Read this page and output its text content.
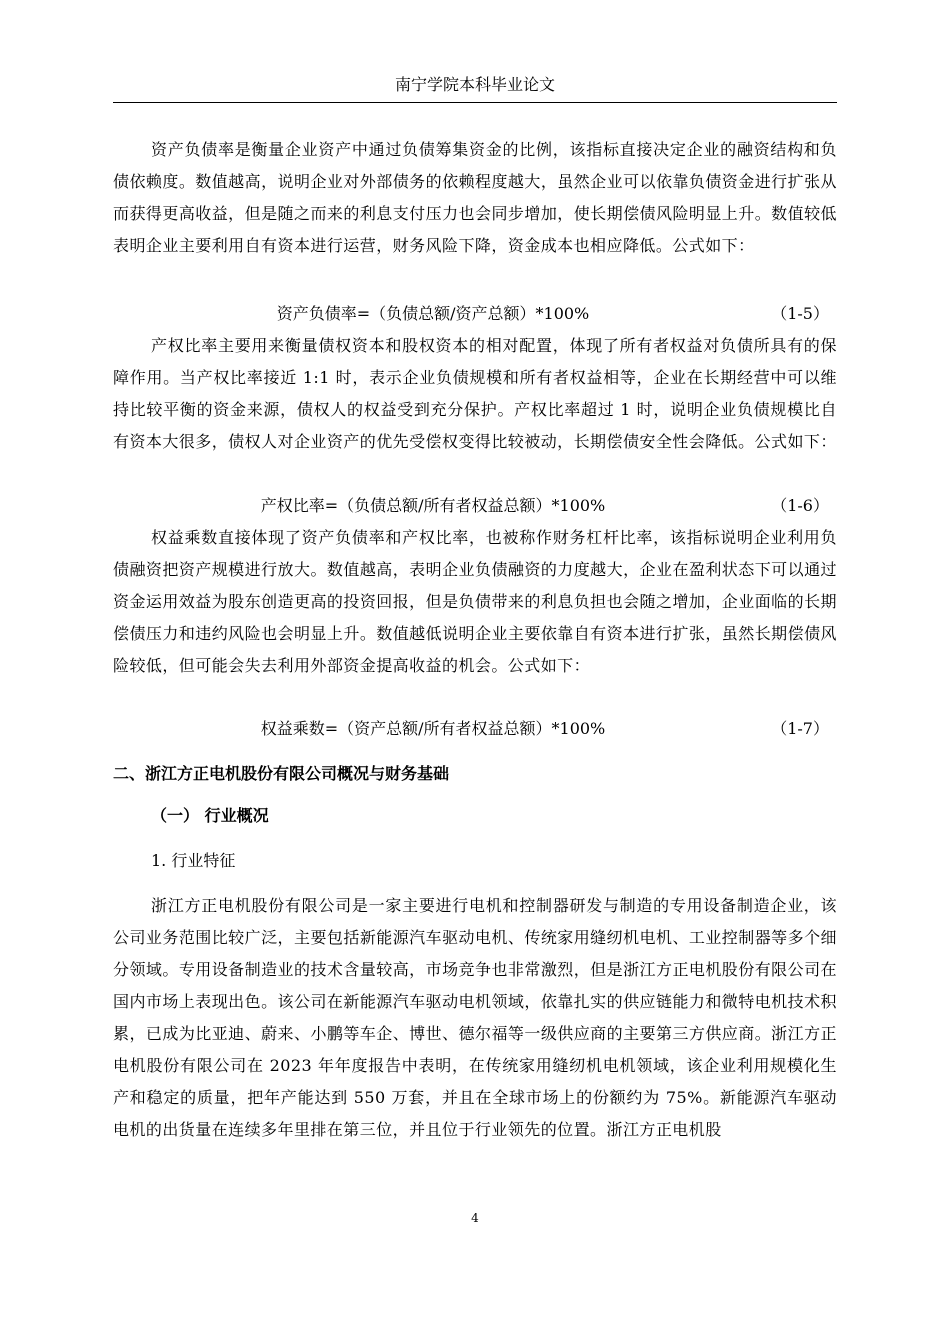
南宁学院本科毕业论文

资产负债率是衡量企业资产中通过负债筹集资金的比例，该指标直接决定企业的融资结构和负债依赖度。数值越高，说明企业对外部债务的依赖程度越大，虽然企业可以依靠负债资金进行扩张从而获得更高收益，但是随之而来的利息支付压力也会同步增加，使长期偿债风险明显上升。数值较低表明企业主要利用自有资本进行运营，财务风险下降，资金成本也相应降低。公式如下：

资产负债率=（负债总额/资产总额）*100%	（1-5）

产权比率主要用来衡量债权资本和股权资本的相对配置，体现了所有者权益对负债所具有的保障作用。当产权比率接近 1:1 时，表示企业负债规模和所有者权益相等，企业在长期经营中可以维持比较平衡的资金来源，债权人的权益受到充分保护。产权比率超过 1 时，说明企业负债规模比自有资本大很多，债权人对企业资产的优先受偿权变得比较被动，长期偿债安全性会降低。公式如下：

产权比率=（负债总额/所有者权益总额）*100%	（1-6）

权益乘数直接体现了资产负债率和产权比率，也被称作财务杠杆比率，该指标说明企业利用负债融资把资产规模进行放大。数值越高，表明企业负债融资的力度越大，企业在盈利状态下可以通过资金运用效益为股东创造更高的投资回报，但是负债带来的利息负担也会随之增加，企业面临的长期偿债压力和违约风险也会明显上升。数值越低说明企业主要依靠自有资本进行扩张，虽然长期偿债风险较低，但可能会失去利用外部资金提高收益的机会。公式如下：

权益乘数=（资产总额/所有者权益总额）*100%	（1-7）
二、浙江方正电机股份有限公司概况与财务基础
（一） 行业概况
1. 行业特征

浙江方正电机股份有限公司是一家主要进行电机和控制器研发与制造的专用设备制造企业，该公司业务范围比较广泛，主要包括新能源汽车驱动电机、传统家用缝纫机电机、工业控制器等多个细分领域。专用设备制造业的技术含量较高，市场竞争也非常激烈，但是浙江方正电机股份有限公司在国内市场上表现出色。该公司在新能源汽车驱动电机领域，依靠扎实的供应链能力和微特电机技术积累，已成为比亚迪、蔚来、小鹏等车企、博世、德尔福等一级供应商的主要第三方供应商。浙江方正电机股份有限公司在 2023 年年度报告中表明，在传统家用缝纫机电机领域，该企业利用规模化生产和稳定的质量，把年产能达到 550 万套，并且在全球市场上的份额约为 75%。新能源汽车驱动电机的出货量在连续多年里排在第三位，并且位于行业领先的位置。浙江方正电机股

4
